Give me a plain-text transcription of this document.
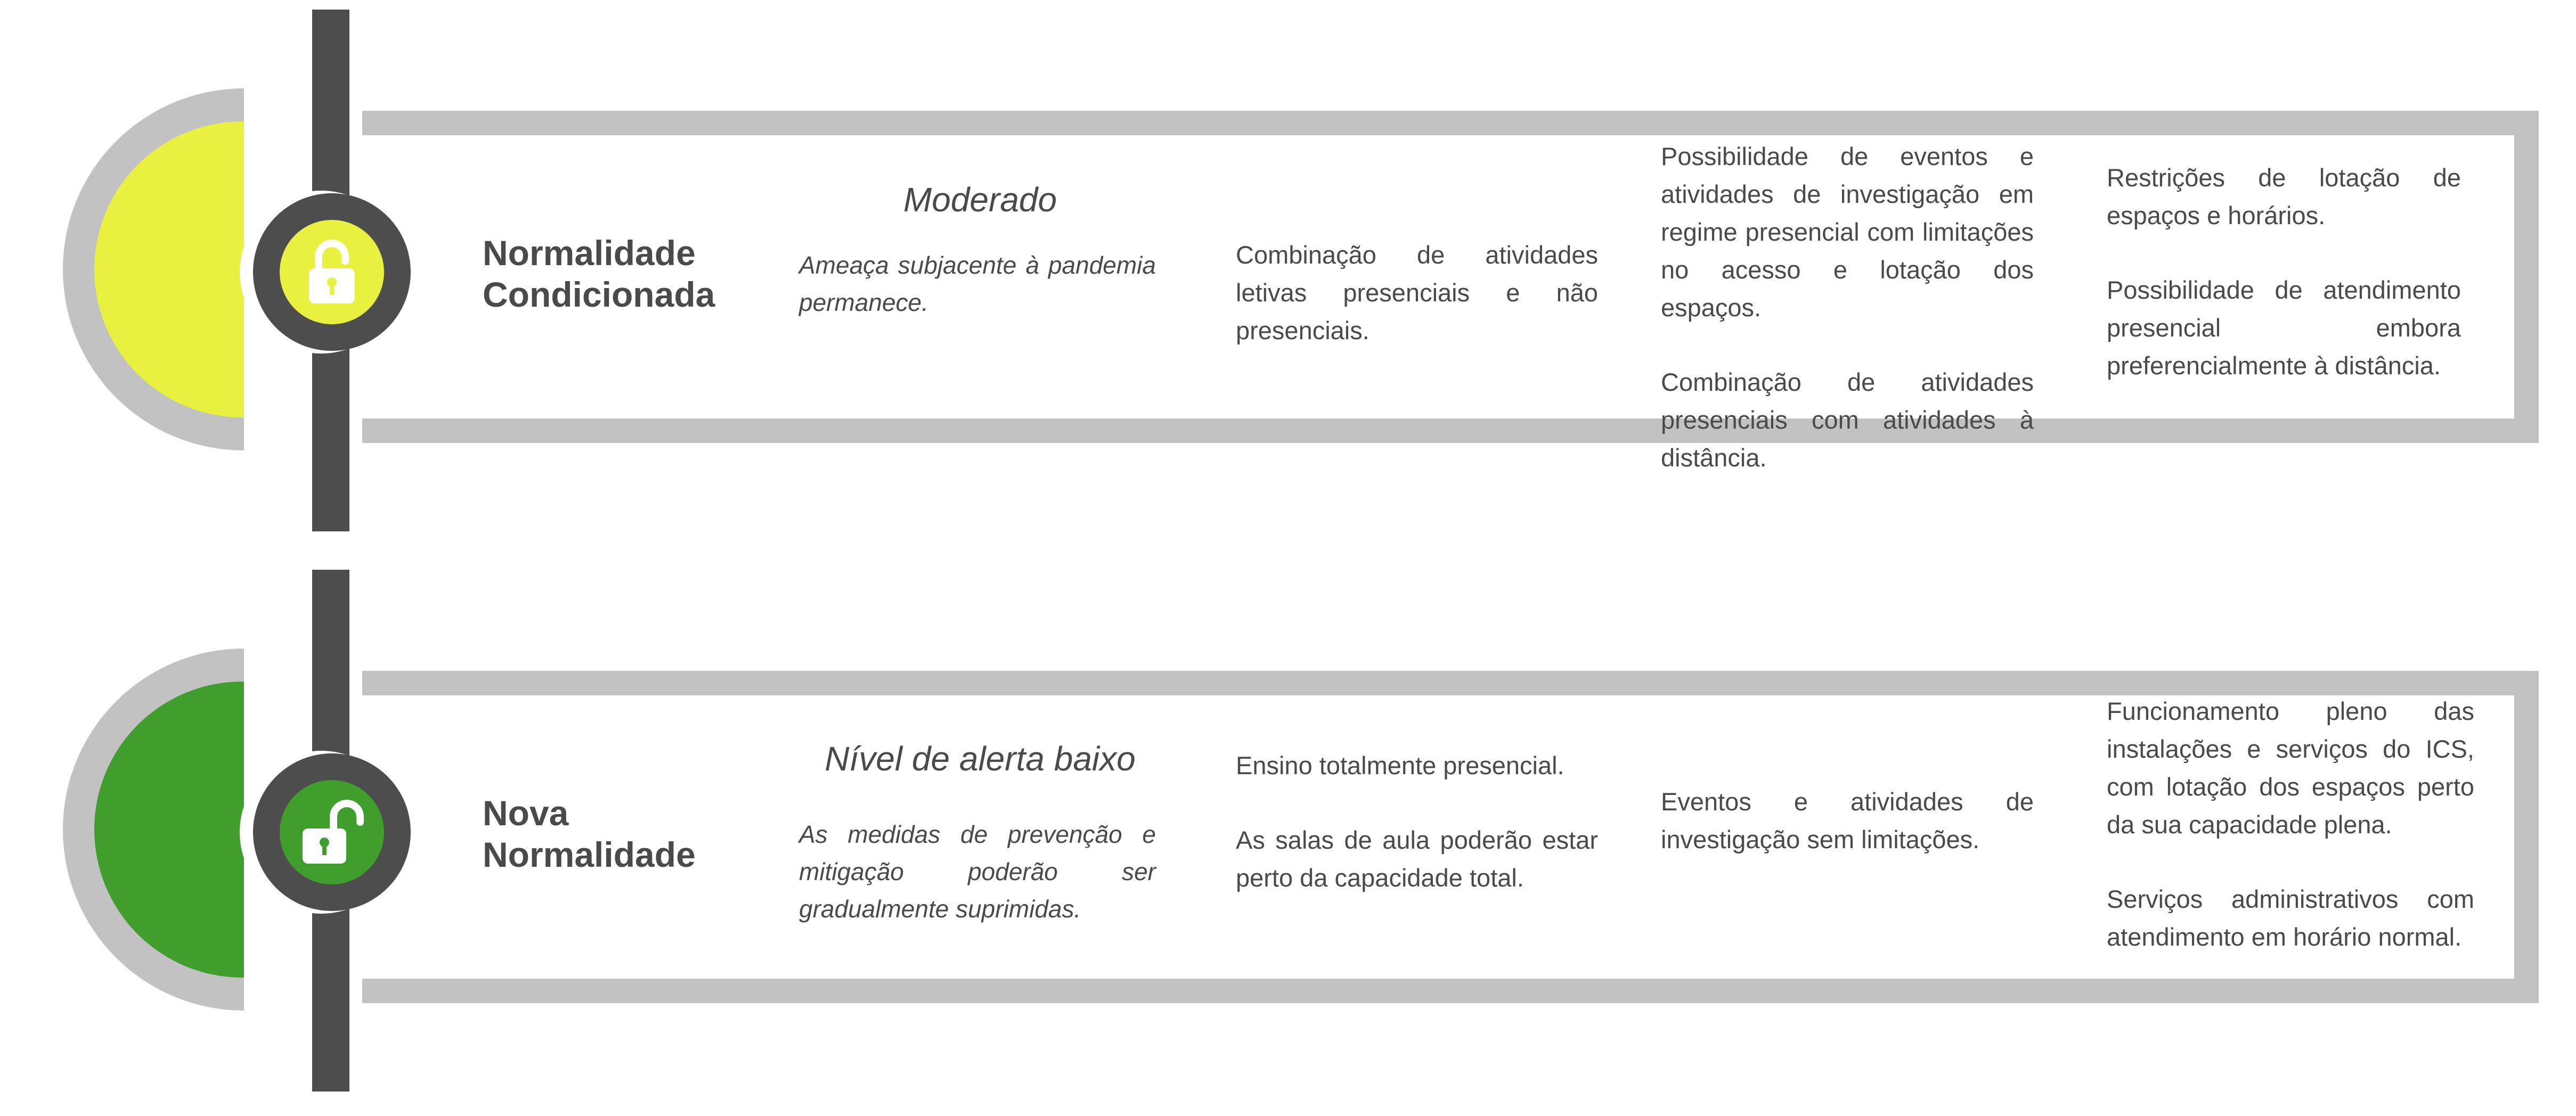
Normalidade
Condicionada
Moderado
Ameaça subjacente à pandemia permanece.

Combinação de atividades letivas presenciais e não presenciais.

Possibilidade de eventos e atividades de investigação em regime presencial com limitações no acesso e lotação dos espaços.

Combinação de atividades presenciais com atividades à distância.

Restrições de lotação de espaços e horários.

Possibilidade de atendimento presencial embora preferencialmente à distância.

Nova
Normalidade
Nível de alerta baixo
As medidas de prevenção e mitigação poderão ser gradualmente suprimidas.

Ensino totalmente presencial.

As salas de aula poderão estar perto da capacidade total.

Eventos e atividades de investigação sem limitações.

Funcionamento pleno das instalações e serviços do ICS, com lotação dos espaços perto da sua capacidade plena.

Serviços administrativos com atendimento em horário normal.
